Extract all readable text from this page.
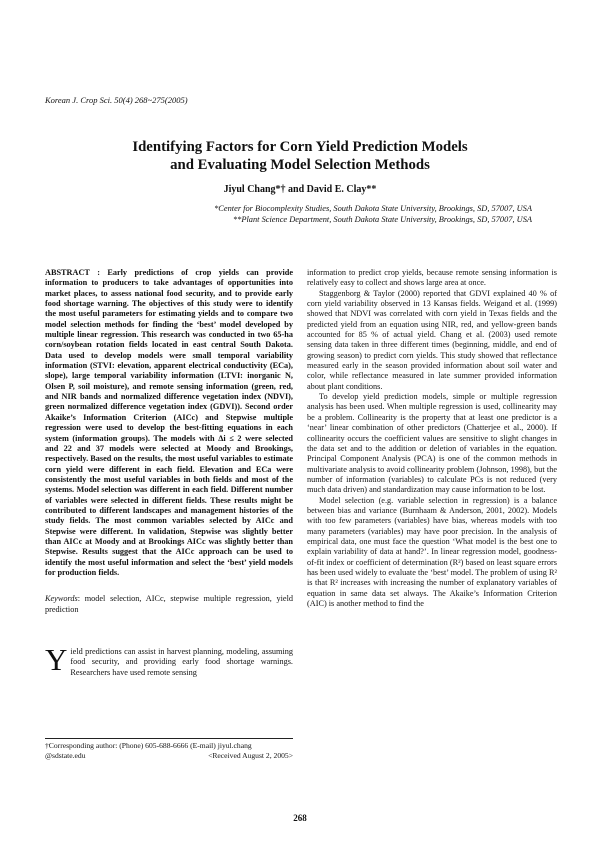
Korean J. Crop Sci. 50(4) 268~275(2005)
Identifying Factors for Corn Yield Prediction Models
and Evaluating Model Selection Methods
Jiyul Chang*† and David E. Clay**
*Center for Biocomplexity Studies, South Dakota State University, Brookings, SD, 57007, USA
**Plant Science Department, South Dakota State University, Brookings, SD, 57007, USA

ABSTRACT : Early predictions of crop yields can provide information to producers to take advantages of opportunities into market places, to assess national food security, and to provide early food shortage warning. The objectives of this study were to identify the most useful parameters for estimating yields and to compare two model selection methods for finding the ‘best’ model developed by multiple linear regression. This research was conducted in two 65-ha corn/soybean rotation fields located in east central South Dakota. Data used to develop models were small temporal variability information (STVI: elevation, apparent electrical conductivity (ECa), slope), large temporal variability information (LTVI: inorganic N, Olsen P, soil moisture), and remote sensing information (green, red, and NIR bands and normalized difference vegetation index (NDVI), green normalized difference vegetation index (GDVI)). Second order Akaike’s Information Criterion (AICc) and Stepwise multiple regression were used to develop the best-fitting equations in each system (information groups). The models with Δi ≤ 2 were selected and 22 and 37 models were selected at Moody and Brookings, respectively. Based on the results, the most useful variables to estimate corn yield were different in each field. Elevation and ECa were consistently the most useful variables in both fields and most of the systems. Model selection was different in each field. Different number of variables were selected in different fields. These results might be contributed to different landscapes and management histories of the study fields. The most common variables selected by AICc and Stepwise were different. In validation, Stepwise was slightly better than AICc at Moody and at Brookings AICc was slightly better than Stepwise. Results suggest that the AICc approach can be used to identify the most useful information and select the ‘best’ yield models for production fields.

Keywords: model selection, AICc, stepwise multiple regression, yield prediction
Yield predictions can assist in harvest planning, modeling, assuming food security, and providing early food shortage warnings. Researchers have used remote sensing
†Corresponding author: (Phone) 605-688-6666 (E-mail) jiyul.chang
@sdstate.edu	<Received August 2, 2005>

information to predict crop yields, because remote sensing information is relatively easy to collect and shows large area at once.

Staggenborg & Taylor (2000) reported that GDVI explained 40 % of corn yield variability observed in 13 Kansas fields. Weigand et al. (1999) showed that NDVI was correlated with corn yield in Texas fields and the predicted yield from an equation using NIR, red, and yellow-green bands accounted for 85 % of actual yield. Chang et al. (2003) used remote sensing data taken in three different times (beginning, middle, and end of growing season) to predict corn yields. This study showed that reflectance measured early in the season provided information about soil water and color, while reflectance measured in late summer provided information about plant conditions.

To develop yield prediction models, simple or multiple regression analysis has been used. When multiple regression is used, collinearity may be a problem. Collinearity is the property that at least one predictor is a ‘near’ linear combination of other predictors (Chatterjee et al., 2000). If collinearity occurs the coefficient values are sensitive to slight changes in the data set and to the addition or deletion of variables in the equation. Principal Component Analysis (PCA) is one of the common methods in multivariate analysis to avoid collinearity problem (Johnson, 1998), but the number of information (variables) to calculate PCs is not reduced (very much data driven) and standardization may cause information to be lost.

Model selection (e.g. variable selection in regression) is a balance between bias and variance (Burnhaam & Anderson, 2001, 2002). Models with too few parameters (variables) have bias, whereas models with too many parameters (variables) may have poor precision. In the analysis of empirical data, one must face the question ‘What model is the best one to explain variability of data at hand?’. In linear regression model, goodness-of-fit index or coefficient of determination (R²) based on least square errors has been used widely to evaluate the ‘best’ model. The problem of using R² is that R² increases with increasing the number of explanatory variables of equation in same data set always. The Akaike’s Information Criterion (AIC) is another method to find the

268
